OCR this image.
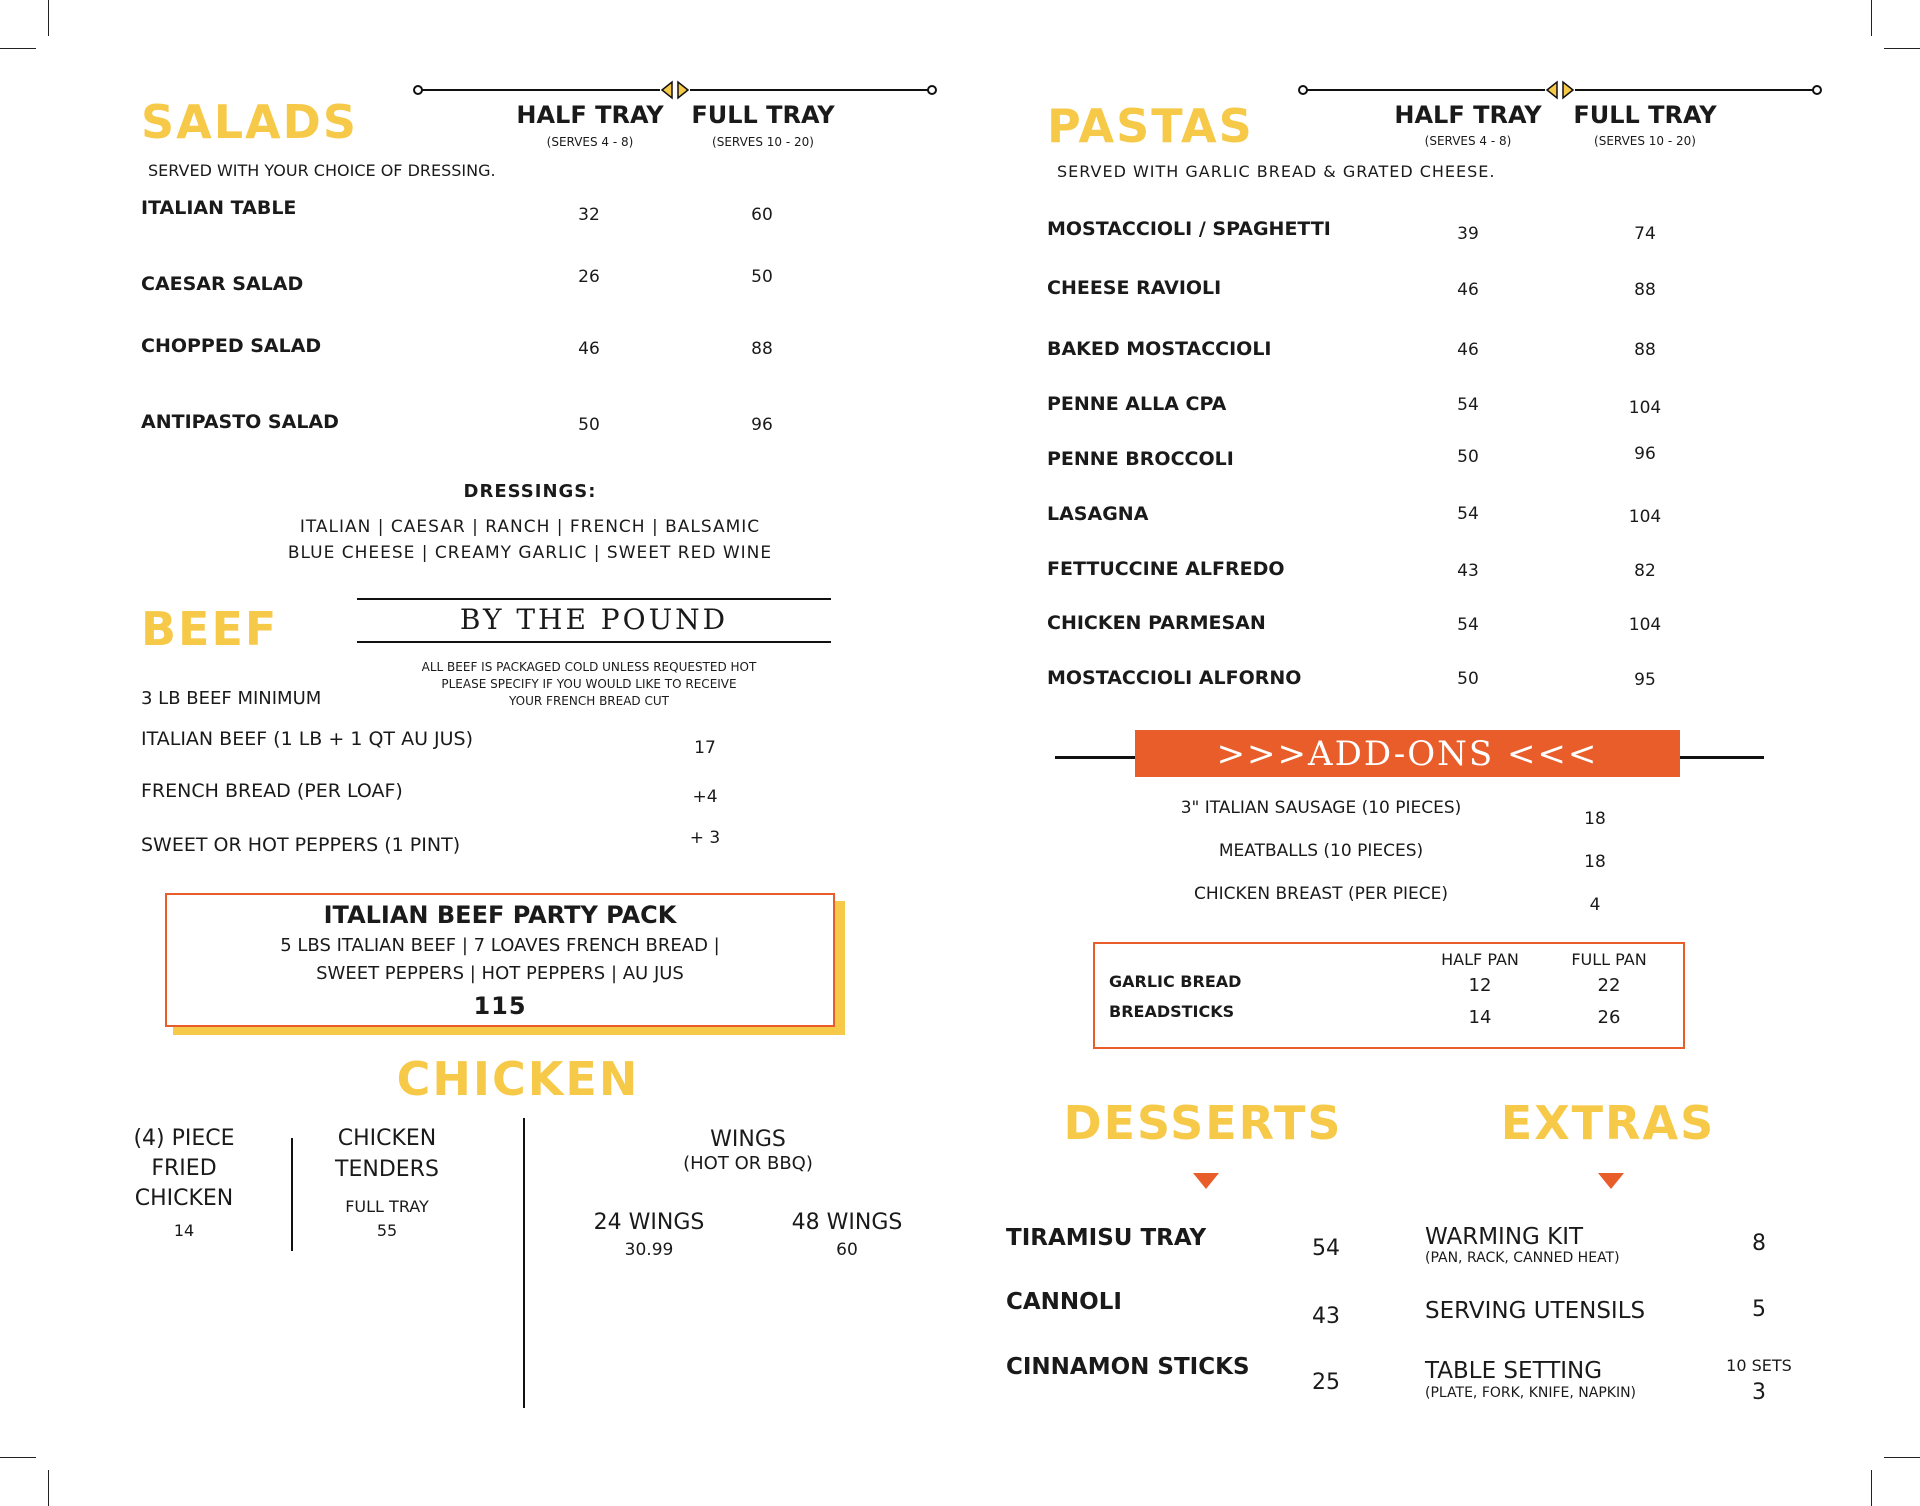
SALADS	HALF TRAY
(SERVES 4 - 8)
FULL TRAY
(SERVES 10 - 20)
SERVED WITH YOUR CHOICE OF DRESSING.
ITALIAN TABLE	32	60
CAESAR SALAD	26	50
CHOPPED SALAD	46	88
ANTIPASTO SALAD	50	96
DRESSINGS:
ITALIAN | CAESAR | RANCH | FRENCH | BALSAMIC
BLUE CHEESE | CREAMY GARLIC | SWEET RED WINE
BEEF	BY THE POUND
ALL BEEF IS PACKAGED COLD UNLESS REQUESTED HOT
PLEASE SPECIFY IF YOU WOULD LIKE TO RECEIVE
YOUR FRENCH BREAD CUT
3 LB BEEF MINIMUM
ITALIAN BEEF (1 LB + 1 QT AU JUS)	17
FRENCH BREAD (PER LOAF)	+4
SWEET OR HOT PEPPERS (1 PINT)	+ 3
ITALIAN BEEF PARTY PACK
5 LBS ITALIAN BEEF | 7 LOAVES FRENCH BREAD |
SWEET PEPPERS | HOT PEPPERS | AU JUS
115
CHICKEN
(4) PIECE
FRIED
CHICKEN
14
CHICKEN
TENDERS
FULL TRAY
55
WINGS
(HOT OR BBQ)
24 WINGS
30.99
48 WINGS
60
PASTAS	HALF TRAY
(SERVES 4 - 8)
FULL TRAY
(SERVES 10 - 20)
SERVED WITH GARLIC BREAD & GRATED CHEESE.
MOSTACCIOLI / SPAGHETTI	39	74
CHEESE RAVIOLI	46	88
BAKED MOSTACCIOLI	46	88
PENNE ALLA CPA	54	104
PENNE BROCCOLI	50	96
LASAGNA	54	104
FETTUCCINE ALFREDO	43	82
CHICKEN PARMESAN	54	104
MOSTACCIOLI ALFORNO	50	95
>>>ADD-ONS <<<
3" ITALIAN SAUSAGE (10 PIECES)
18
MEATBALLS (10 PIECES)
18
CHICKEN BREAST (PER PIECE)
4
HALF PAN	FULL PAN
GARLIC BREAD	12	22
BREADSTICKS	14	26
DESSERTS
TIRAMISU TRAY	54
CANNOLI
43
CINNAMON STICKS
25
EXTRAS
WARMING KIT
(PAN, RACK, CANNED HEAT)
8
SERVING UTENSILS	5
TABLE SETTING
(PLATE, FORK, KNIFE, NAPKIN)
10 SETS
3
